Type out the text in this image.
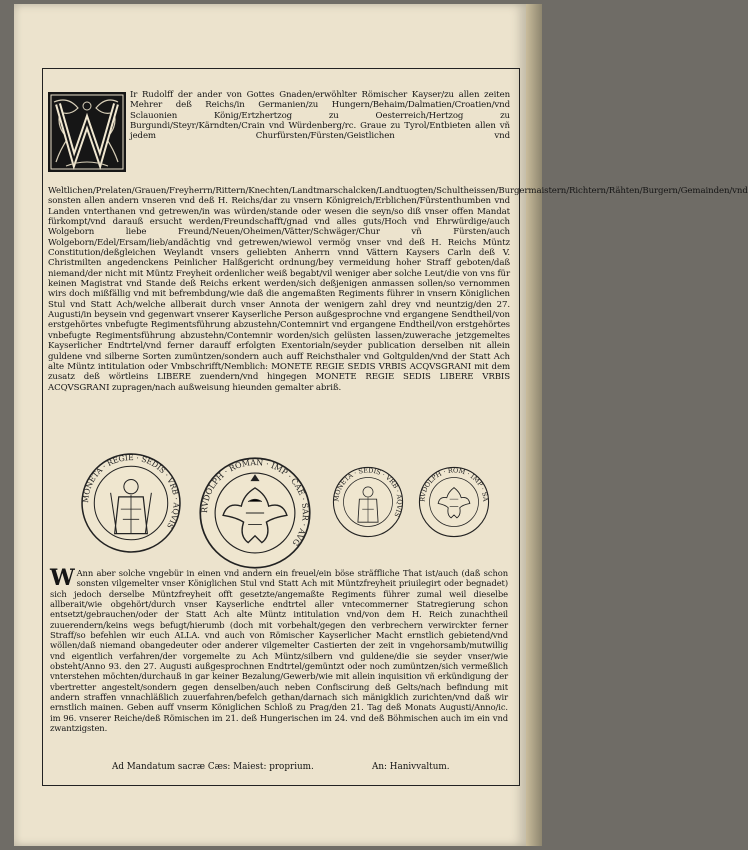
Ir Rudolff der ander von Gottes Gnaden/erwöhlter Römischer Kayser/zu allen zeiten Mehrer deß Reichs/in Germanien/zu Hungern/Behaim/Dalmatien/Croatien/vnd Sclauonien König/Ertzhertzog zu Oesterreich/Hertzog zu Burgundi/Steyr/Kärndten/Crain vnd Würdenberg/rc. Graue zu Tyrol/Entbieten allen vñ jedem Churfürsten/Fürsten/Geistlichen vnd Weltlichen/Prelaten/Grauen/Freyherrn/Rittern/Knechten/Landtmarschalcken/Landtuogten/Schultheissen/Burgermaistern/Richtern/Rähten/Burgern/Gemainden/vnd sonsten allen andern vnseren vnd deß H. Reichs/dar zu vnsern Königreich/Erblichen/Fürstenthumben vnd Landen vnterthanen vnd getrewen/in was würden/stande oder wesen die seyn/so diß vnser offen Mandat fürkompt/vnd darauß ersucht werden/Freundschafft/gnad vnd alles guts/Hoch vnd Ehrwürdige/auch Wolgeborn liebe Freund/Neuen/Oheimen/Vätter/Schwäger/Chur vñ Fürsten/auch Wolgeborn/Edel/Ersam/lieb/andächtig vnd getrewen/wiewol vermög vnser vnd deß H. Reichs Müntz Constitution/deßgleichen Weylandt vnsers geliebten Anherrn vnnd Vättern Kaysers Carln deß V. Christmilten angedenckens Peinlicher Halßgericht ordnung/bey vermeidung hoher Straff geboten/daß niemand/der nicht mit Müntz Freyheit ordenlicher weiß begabt/vil weniger aber solche Leut/die von vns für keinen Magistrat vnd Stande deß Reichs erkent werden/sich deßjenigen anmassen sollen/so vernommen wirs doch mißfällig vnd mit befrembdung/wie daß die angemaßten Regiments führer in vnsern Königlichen Stul vnd Statt Ach/welche allberait durch vnser Annota der wenigern zahl drey vnd neuntzig/den 27. Augusti/in beysein vnd gegenwart vnserer Kayserliche Person außgesprochne vnd ergangene Sendtheil/von erstgehörtes vnbefugte Regimentsführung abzustehn/Contemnirt vnd ergangene Endtheil/von erstgehörtes vnbefugte Regimentsführung abzustehn/Contemnir worden/sich gelüsten lassen/zuwerache jetzgemeltes Kayserlicher Endtrtel/vnd ferner darauff erfolgten Exentorialn/seyder publication derselben nit allein guldene vnd silberne Sorten zumüntzen/sondern auch auff Reichsthaler vnd Goltgulden/vnd der Statt Ach alte Müntz intitulation oder Vmbschrifft/Nemblich: MONETE REGIE SEDIS VRBIS ACQVSGRANI mit dem zusatz deß wörtleins LIBERE zuendern/vnd hingegen MONETE REGIE SEDIS LIBERE VRBIS ACQVSGRANI zupragen/nach außweisung hieunden gemalter abriß.
MONETA · REGIE · SEDIS · VRB · AQVIS
RVDOLPH · ROMAN · IMP · CAE · SAR · AVG
MONETA · SEDIS · VRB · AQVIS
RVDOLPH · ROM · IMP · SA
W Ann aber solche vngebür in einen vnd andern ein freuel/ein böse sträffliche That ist/auch (daß schon sonsten vilgemelter vnser Königlichen Stul vnd Statt Ach mit Müntzfreyheit priuilegirt oder begnadet) sich jedoch derselbe Müntzfreyheit offt gesetzte/angemaßte Regiments führer zumal weil dieselbe allberait/wie obgehört/durch vnser Kayserliche endtrtel aller vntecommerner Statregierung schon entsetzt/gebrauchen/oder der Statt Ach alte Müntz intitulation vnd/von dem H. Reich zunachtheil zuuerendern/keins wegs befugt/hierumb (doch mit vorbehalt/gegen den verbrechern verwirckter ferner Straff/so befehlen wir euch ALLA. vnd auch von Römischer Kayserlicher Macht ernstlich gebietend/vnd wöllen/daß niemand obangedeuter oder anderer vilgemelter Castierten der zeit in vngehorsamb/mutwillig vnd eigentlich verfahren/der vorgemelte zu Ach Müntz/silbern vnd guldene/die sie seyder vnser/wie obsteht/Anno 93. den 27. Augusti außgesprochnen Endtrtel/gemüntzt oder noch zumüntzen/sich vermeßlich vnterstehen möchten/durchauß in gar keiner Bezalung/Gewerb/wie mit allein inquisition vñ erkündigung der vbertretter angestelt/sondern gegen denselben/auch neben Confiscirung deß Gelts/nach befindung mit andern straffen vnnachläßlich zuuerfahren/befelch gethan/darnach sich mänigklich zurichten/vnd daß wir ernstlich mainen. Geben auff vnserm Königlichen Schloß zu Prag/den 21. Tag deß Monats Augusti/Anno/ic. im 96. vnserer Reiche/deß Römischen im 21. deß Hungerischen im 24. vnd deß Böhmischen auch im ein vnd zwantzigsten.
Ad Mandatum sacræ Cæs: Maiest: proprium.	An: Hanivvaltum.
